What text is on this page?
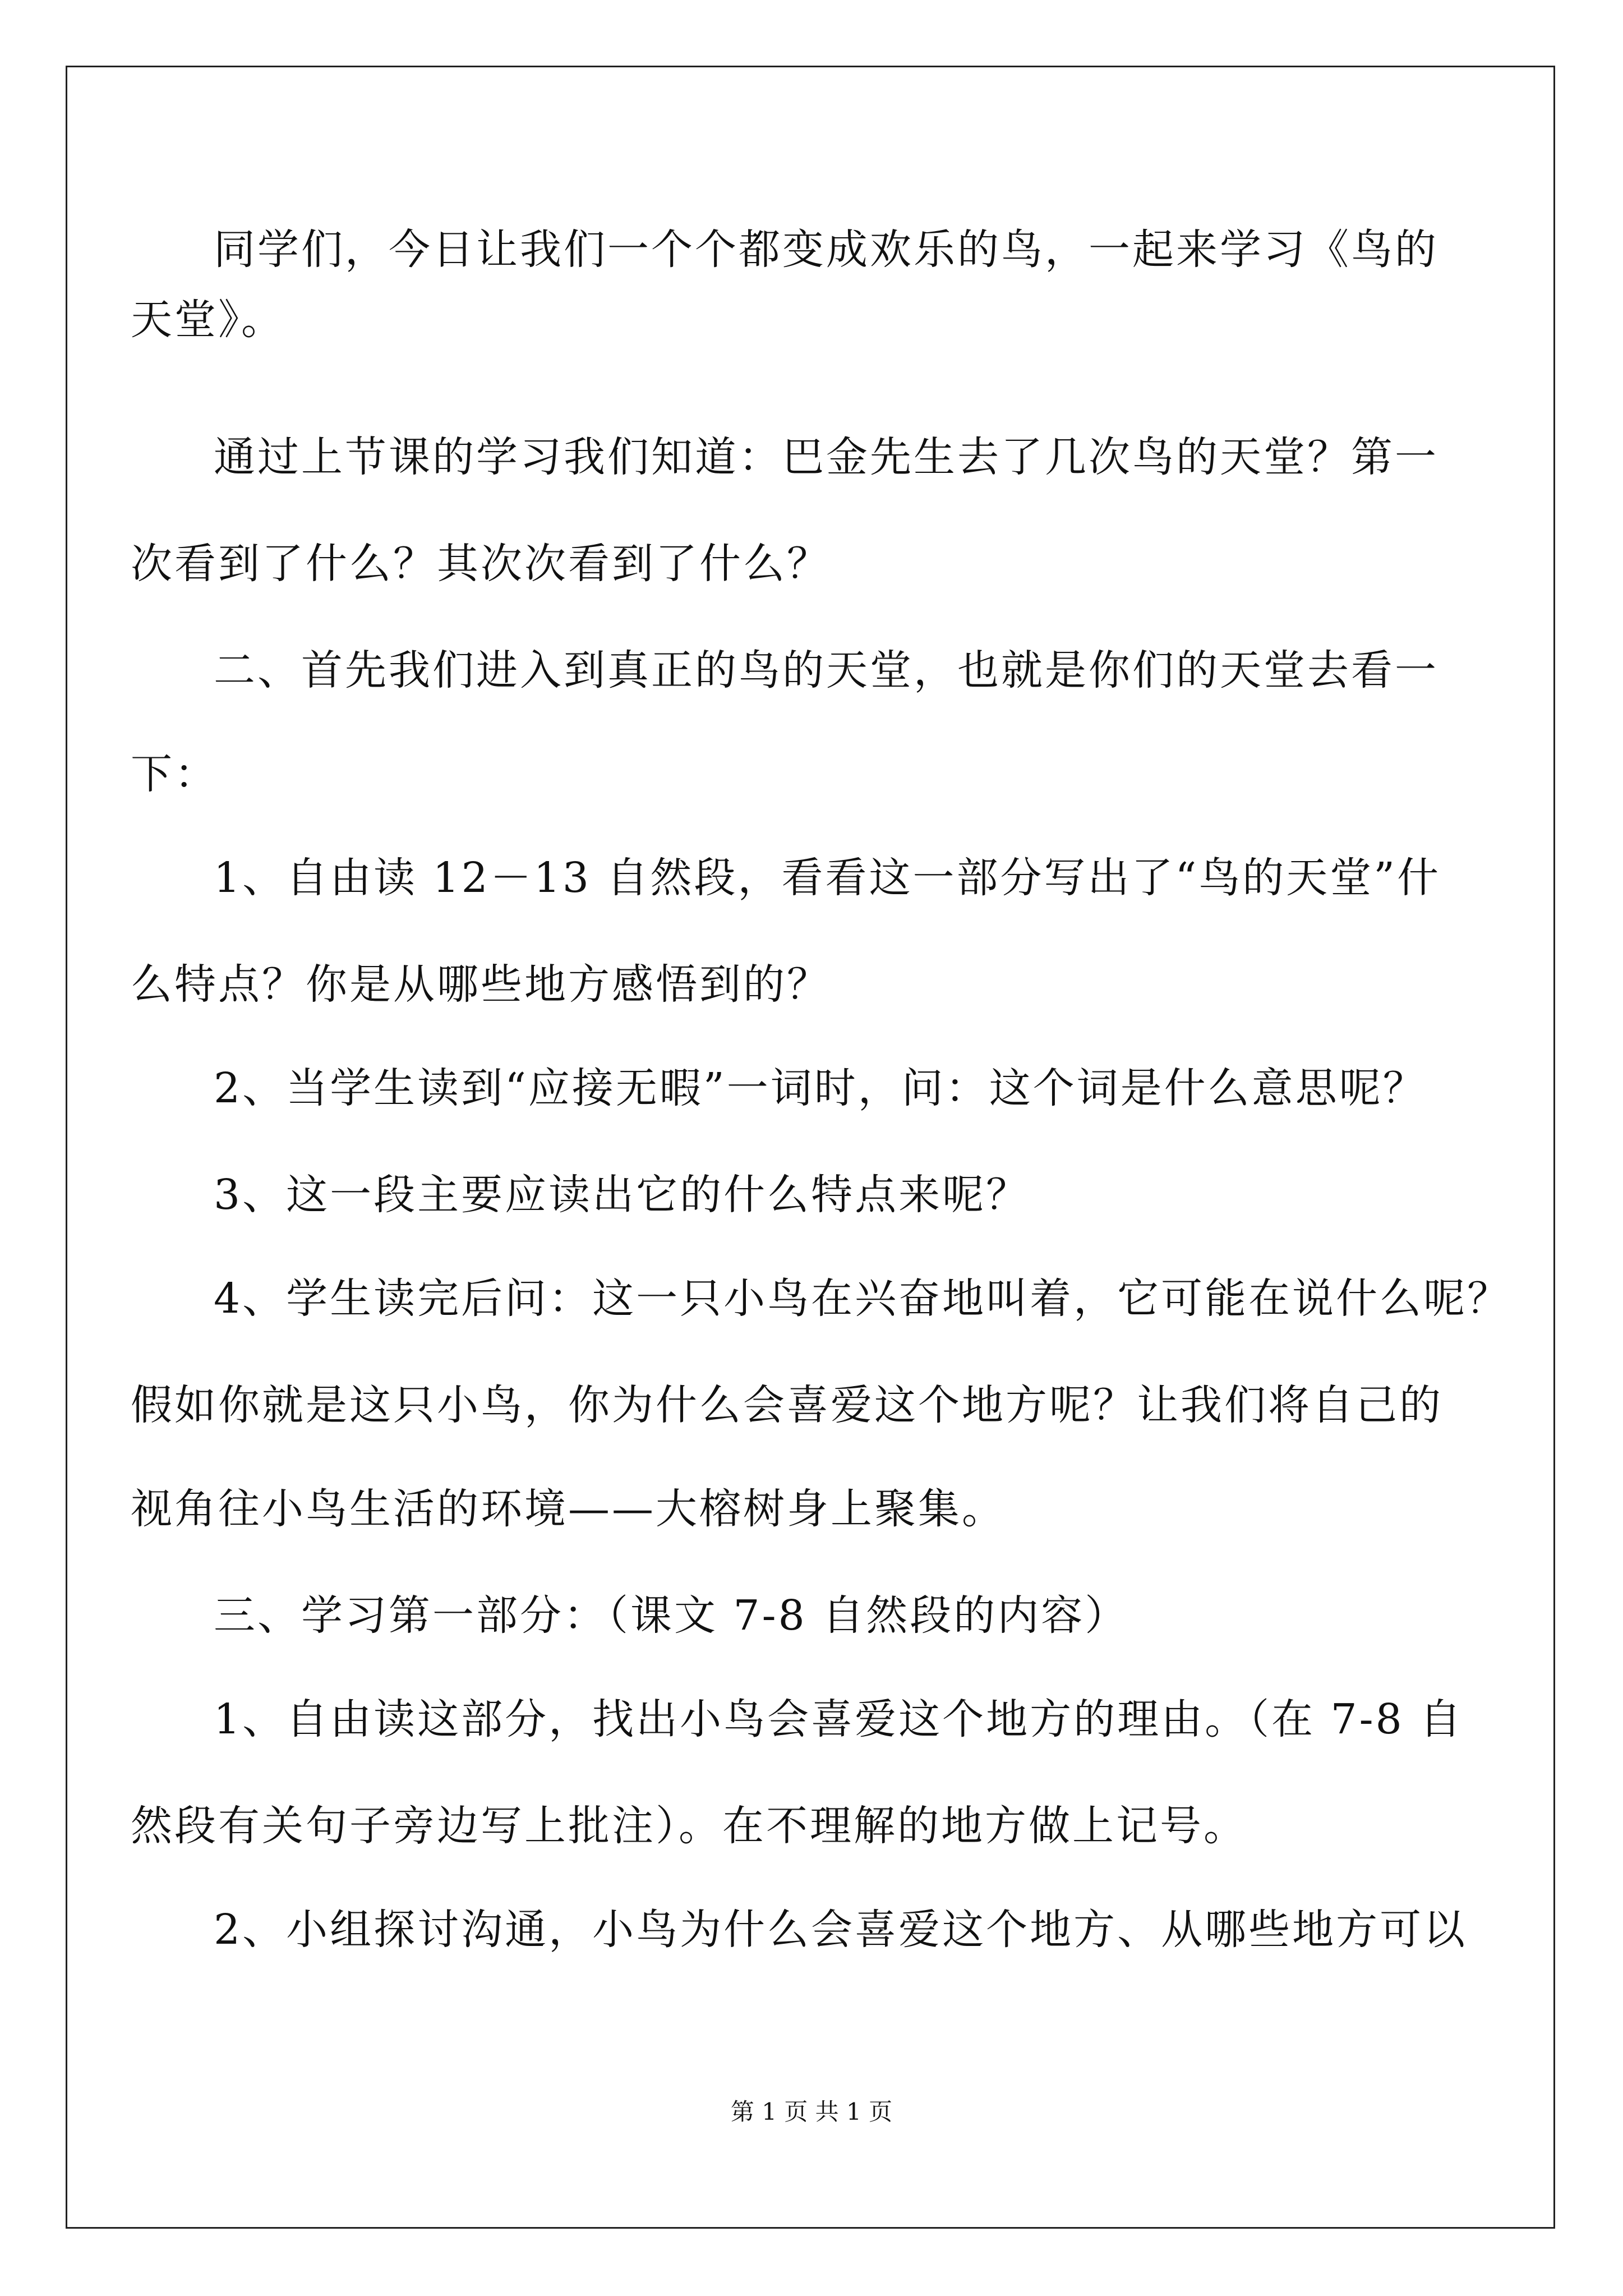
同学们，今日让我们一个个都变成欢乐的鸟，一起来学习《鸟的
天堂》。
通过上节课的学习我们知道：巴金先生去了几次鸟的天堂？第一
次看到了什么？其次次看到了什么？
二、首先我们进入到真正的鸟的天堂，也就是你们的天堂去看一
下：
1、自由读 12－13 自然段，看看这一部分写出了“鸟的天堂”什
么特点？你是从哪些地方感悟到的？
2、当学生读到“应接无暇”一词时，问：这个词是什么意思呢？
3、这一段主要应读出它的什么特点来呢？
4、学生读完后问：这一只小鸟在兴奋地叫着，它可能在说什么呢？
假如你就是这只小鸟，你为什么会喜爱这个地方呢？让我们将自己的
视角往小鸟生活的环境——大榕树身上聚集。
三、学习第一部分：（课文 7-8 自然段的内容）
1、自由读这部分，找出小鸟会喜爱这个地方的理由。（在 7-8 自
然段有关句子旁边写上批注）。在不理解的地方做上记号。
2、小组探讨沟通，小鸟为什么会喜爱这个地方、从哪些地方可以
第 1 页 共 1 页
